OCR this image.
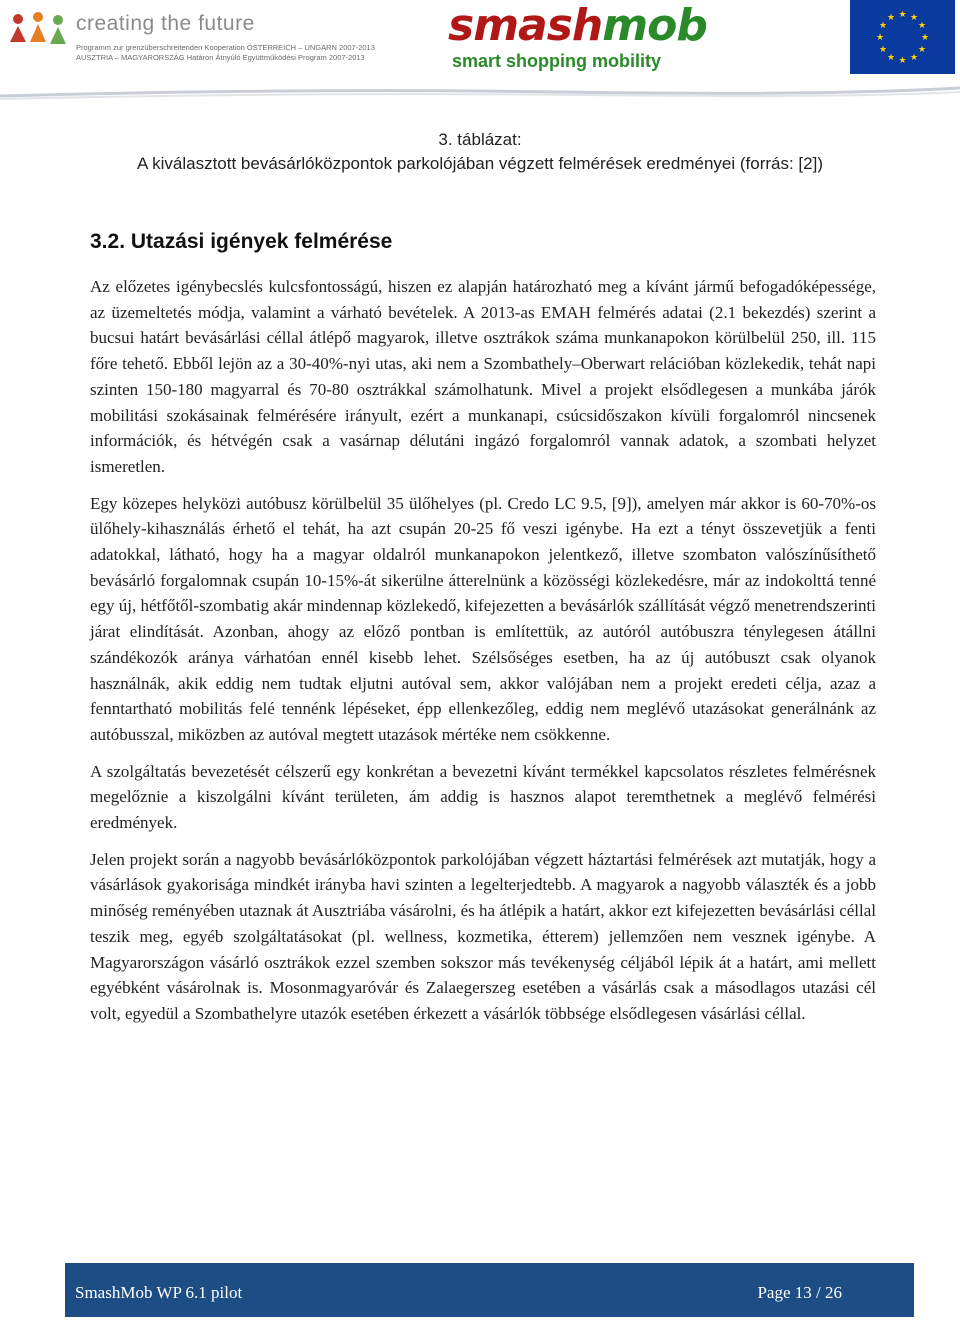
creating the future
Programm zur grenzüberschreitenden Kooperation ÖSTERREICH – UNGARN 2007-2013
AUSZTRIA – MAGYARORSZÁG Határon Átnyúló Együttműködési Program 2007-2013
smashmob
smart shopping mobility
★ ★
★
★
★
★
★
★
★
★
★
★
3. táblázat:
A kiválasztott bevásárlóközpontok parkolójában végzett felmérések eredményei (forrás: [2])
3.2. Utazási igények felmérése

Az előzetes igénybecslés kulcsfontosságú, hiszen ez alapján határozható meg a kívánt jármű befogadóképessége, az üzemeltetés módja, valamint a várható bevételek. A 2013-as EMAH felmérés adatai (2.1 bekezdés) szerint a bucsui határt bevásárlási céllal átlépő magyarok, illetve osztrákok száma munkanapokon körülbelül 250, ill. 115 főre tehető. Ebből lejön az a 30-40%-nyi utas, aki nem a Szombathely–Oberwart relációban közlekedik, tehát napi szinten 150-180 magyarral és 70-80 osztrákkal számolhatunk. Mivel a projekt elsődlegesen a munkába járók mobilitási szokásainak felmérésére irányult, ezért a munkanapi, csúcsidőszakon kívüli forgalomról nincsenek információk, és hétvégén csak a vasárnap délutáni ingázó forgalomról vannak adatok, a szombati helyzet ismeretlen.

Egy közepes helyközi autóbusz körülbelül 35 ülőhelyes (pl. Credo LC 9.5, [9]), amelyen már akkor is 60-70%-os ülőhely-kihasználás érhető el tehát, ha azt csupán 20-25 fő veszi igénybe. Ha ezt a tényt összevetjük a fenti adatokkal, látható, hogy ha a magyar oldalról munkanapokon jelentkező, illetve szombaton valószínűsíthető bevásárló forgalomnak csupán 10-15%-át sikerülne átterelnünk a közösségi közlekedésre, már az indokolttá tenné egy új, hétfőtől-szombatig akár mindennap közlekedő, kifejezetten a bevásárlók szállítását végző menetrendszerinti járat elindítását. Azonban, ahogy az előző pontban is említettük, az autóról autóbuszra ténylegesen átállni szándékozók aránya várhatóan ennél kisebb lehet. Szélsőséges esetben, ha az új autóbuszt csak olyanok használnák, akik eddig nem tudtak eljutni autóval sem, akkor valójában nem a projekt eredeti célja, azaz a fenntartható mobilitás felé tennénk lépéseket, épp ellenkezőleg, eddig nem meglévő utazásokat generálnánk az autóbusszal, miközben az autóval megtett utazások mértéke nem csökkenne.

A szolgáltatás bevezetését célszerű egy konkrétan a bevezetni kívánt termékkel kapcsolatos részletes felmérésnek megelőznie a kiszolgálni kívánt területen, ám addig is hasznos alapot teremthetnek a meglévő felmérési eredmények.

Jelen projekt során a nagyobb bevásárlóközpontok parkolójában végzett háztartási felmérések azt mutatják, hogy a vásárlások gyakorisága mindkét irányba havi szinten a legelterjedtebb. A magyarok a nagyobb választék és a jobb minőség reményében utaznak át Ausztriába vásárolni, és ha átlépik a határt, akkor ezt kifejezetten bevásárlási céllal teszik meg, egyéb szolgáltatásokat (pl. wellness, kozmetika, étterem) jellemzően nem vesznek igénybe. A Magyarországon vásárló osztrákok ezzel szemben sokszor más tevékenység céljából lépik át a határt, ami mellett egyébként vásárolnak is. Mosonmagyaróvár és Zalaegerszeg esetében a vásárlás csak a másodlagos utazási cél volt, egyedül a Szombathelyre utazók esetében érkezett a vásárlók többsége elsődlegesen vásárlási céllal.

SmashMob WP 6.1 pilot	Page 13 / 26
